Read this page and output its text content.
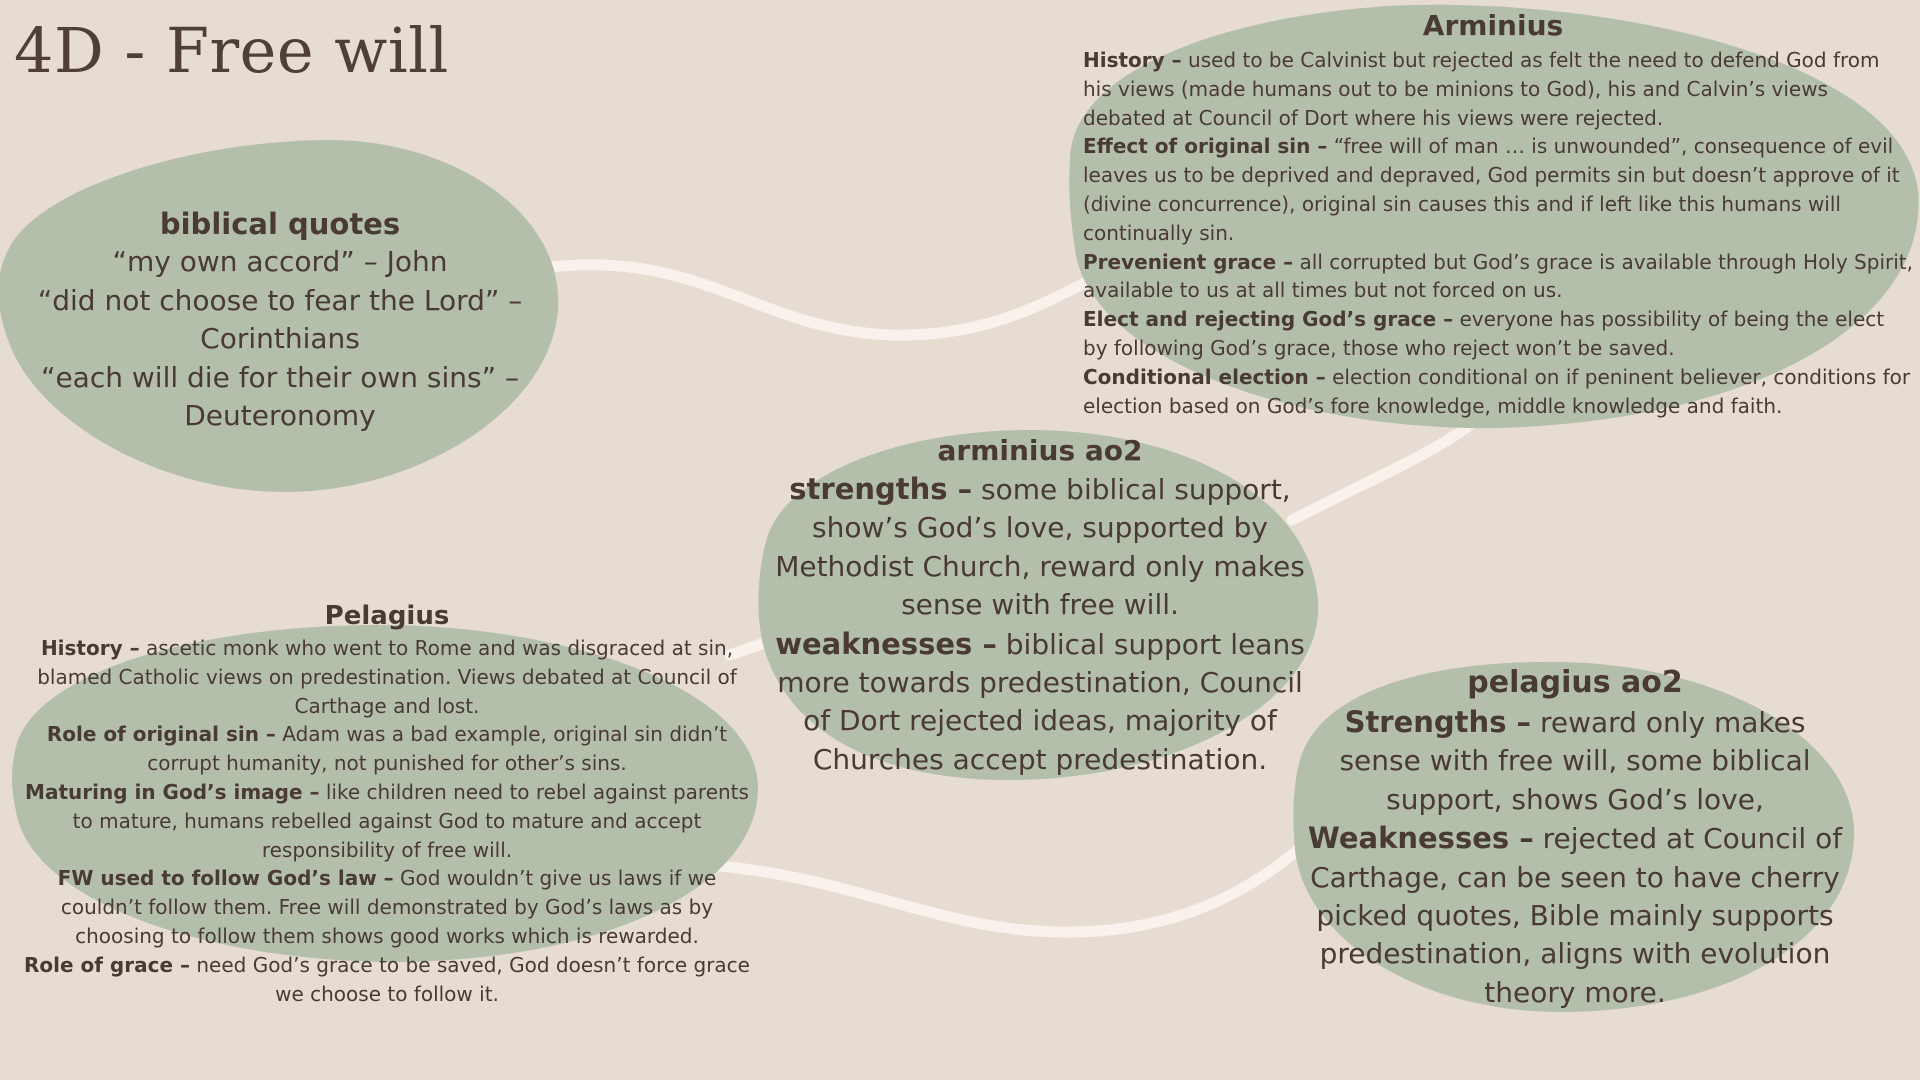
4D - Free will
biblical quotes
“my own accord” – John
“did not choose to fear the Lord” –
Corinthians
“each will die for their own sins” –
Deuteronomy
Arminius

History – used to be Calvinist but rejected as felt the need to defend God from his views (made humans out to be minions to God), his and Calvin’s views debated at Council of Dort where his views were rejected.

Effect of original sin – “free will of man … is unwounded”, consequence of evil leaves us to be deprived and depraved, God permits sin but doesn’t approve of it (divine concurrence), original sin causes this and if left like this humans will continually sin.

Prevenient grace – all corrupted but God’s grace is available through Holy Spirit, available to us at all times but not forced on us.

Elect and rejecting God’s grace – everyone has possibility of being the elect by following God’s grace, those who reject won’t be saved.

Conditional election – election conditional on if peninent believer, conditions for election based on God’s fore knowledge, middle knowledge and faith.

arminius ao2

strengths – some biblical support, show’s God’s love, supported by Methodist Church, reward only makes sense with free will.

weaknesses – biblical support leans more towards predestination, Council of Dort rejected ideas, majority of Churches accept predestination.

Pelagius

History – ascetic monk who went to Rome and was disgraced at sin, blamed Catholic views on predestination. Views debated at Council of Carthage and lost.

Role of original sin – Adam was a bad example, original sin didn’t corrupt humanity, not punished for other’s sins.

Maturing in God’s image – like children need to rebel against parents to mature, humans rebelled against God to mature and accept responsibility of free will.

FW used to follow God’s law – God wouldn’t give us laws if we couldn’t follow them. Free will demonstrated by God’s laws as by choosing to follow them shows good works which is rewarded.

Role of grace – need God’s grace to be saved, God doesn’t force grace we choose to follow it.

pelagius ao2

Strengths – reward only makes sense with free will, some biblical support, shows God’s love,

Weaknesses – rejected at Council of Carthage, can be seen to have cherry picked quotes, Bible mainly supports predestination, aligns with evolution theory more.
